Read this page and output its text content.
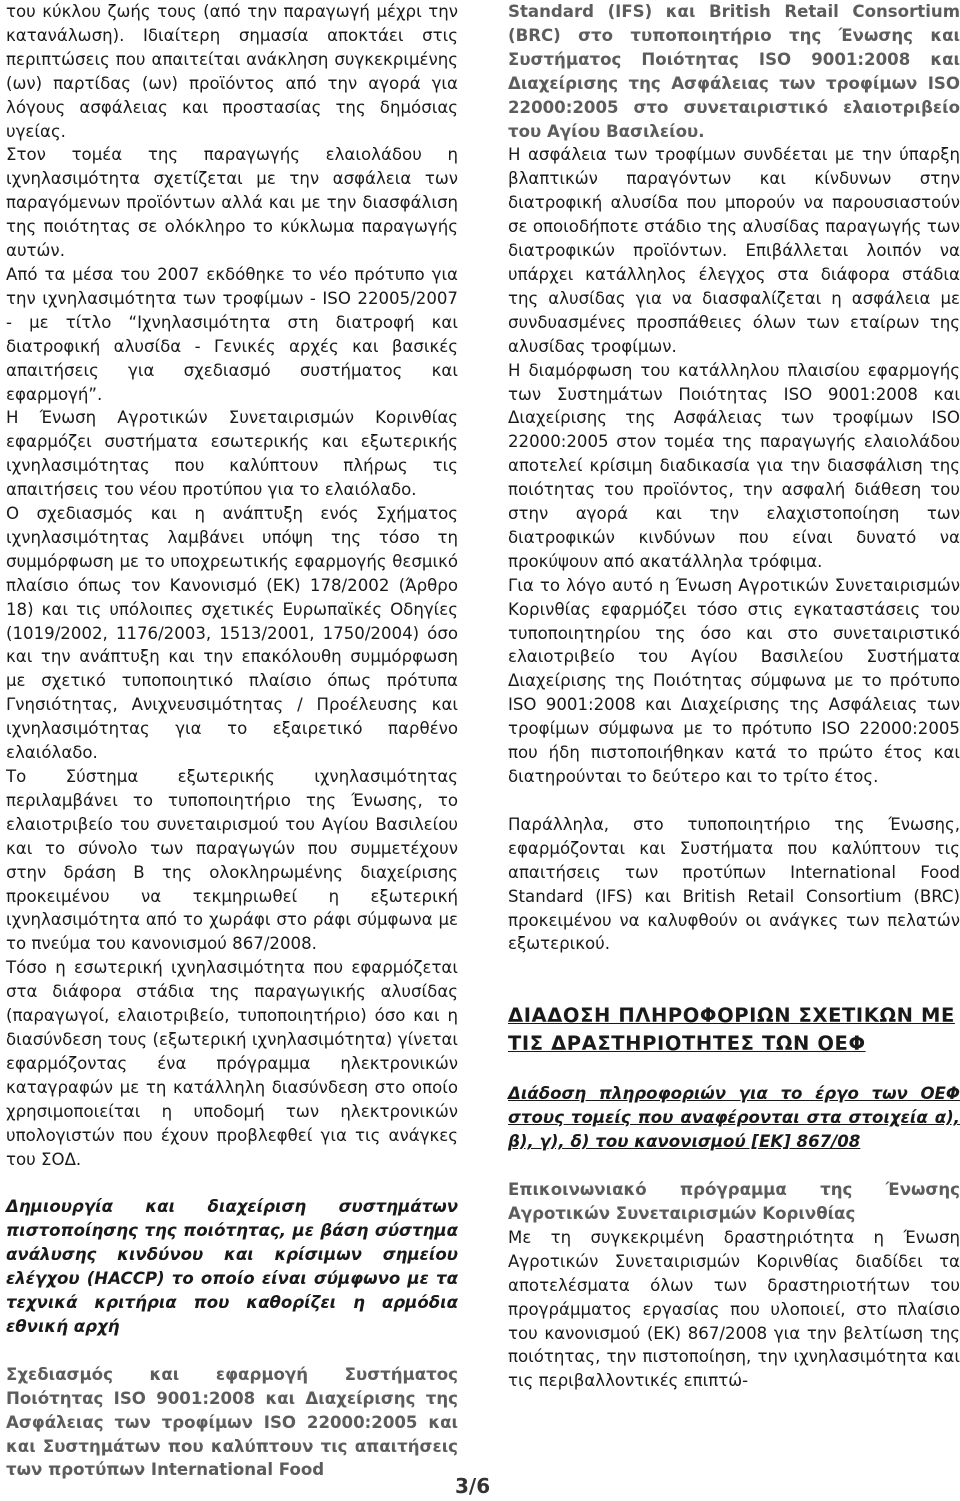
του κύκλου ζωής τους (από την παραγωγή μέχρι την κατανάλωση). Ιδιαίτερη σημασία αποκτάει στις περιπτώσεις που απαιτείται ανάκληση συγκεκριμένης (ων) παρτίδας (ων) προϊόντος από την αγορά για λόγους ασφάλειας και προστασίας της δημόσιας υγείας.

Στον τομέα της παραγωγής ελαιολάδου η ιχνηλασιμότητα σχετίζεται με την ασφάλεια των παραγόμενων προϊόντων αλλά και με την διασφάλιση της ποιότητας σε ολόκληρο το κύκλωμα παραγωγής αυτών.

Από τα μέσα του 2007 εκδόθηκε το νέο πρότυπο για την ιχνηλασιμότητα των τροφίμων - ISO 22005/2007 - με τίτλο “Ιχνηλασιμότητα στη διατροφή και διατροφική αλυσίδα - Γενικές αρχές και βασικές απαιτήσεις για σχεδιασμό συστήματος και εφαρμογή”.

Η Ένωση Αγροτικών Συνεταιρισμών Κορινθίας εφαρμόζει συστήματα εσωτερικής και εξωτερικής ιχνηλασιμότητας που καλύπτουν πλήρως τις απαιτήσεις του νέου προτύπου για το ελαιόλαδο.

Ο σχεδιασμός και η ανάπτυξη ενός Σχήματος ιχνηλασιμότητας λαμβάνει υπόψη της τόσο τη συμμόρφωση με το υποχρεωτικής εφαρμογής θεσμικό πλαίσιο όπως τον Κανονισμό (ΕΚ) 178/2002 (Άρθρο 18) και τις υπόλοιπες σχετικές Ευρωπαϊκές Οδηγίες (1019/2002, 1176/2003, 1513/2001, 1750/2004) όσο και την ανάπτυξη και την επακόλουθη συμμόρφωση με σχετικό τυποποιητικό πλαίσιο όπως πρότυπα Γνησιότητας, Ανιχνευσιμότητας / Προέλευσης και ιχνηλασιμότητας για το εξαιρετικό παρθένο ελαιόλαδο.

Το Σύστημα εξωτερικής ιχνηλασιμότητας περιλαμβάνει το τυποποιητήριο της Ένωσης, το ελαιοτριβείο του συνεταιρισμού του Αγίου Βασιλείου και το σύνολο των παραγωγών που συμμετέχουν στην δράση Β της ολοκληρωμένης διαχείρισης προκειμένου να τεκμηριωθεί η εξωτερική ιχνηλασιμότητα από το χωράφι στο ράφι σύμφωνα με το πνεύμα του κανονισμού 867/2008.

Τόσο η εσωτερική ιχνηλασιμότητα που εφαρμόζεται στα διάφορα στάδια της παραγωγικής αλυσίδας (παραγωγοί, ελαιοτριβείο, τυποποιητήριο) όσο και η διασύνδεση τους (εξωτερική ιχνηλασιμότητα) γίνεται εφαρμόζοντας ένα πρόγραμμα ηλεκτρονικών καταγραφών με τη κατάλληλη διασύνδεση στο οποίο χρησιμοποιείται η υποδομή των ηλεκτρονικών υπολογιστών που έχουν προβλεφθεί για τις ανάγκες του ΣΟΔ.

Δημιουργία και διαχείριση συστημάτων πιστοποίησης της ποιότητας, με βάση σύστημα ανάλυσης κινδύνου και κρίσιμων σημείου ελέγχου (HACCP) το οποίο είναι σύμφωνο με τα τεχνικά κριτήρια που καθορίζει η αρμόδια εθνική αρχή

Σχεδιασμός και εφαρμογή Συστήματος Ποιότητας ISO 9001:2008 και Διαχείρισης της Ασφάλειας των τροφίμων ISO 22000:2005 και και Συστημάτων που καλύπτουν τις απαιτήσεις των προτύπων International Food

Standard (IFS) και British Retail Consortium (BRC) στο τυποποιητήριο της Ένωσης και Συστήματος Ποιότητας ISO 9001:2008 και Διαχείρισης της Ασφάλειας των τροφίμων ISO 22000:2005 στο συνεταιριστικό ελαιοτριβείο του Αγίου Βασιλείου.

Η ασφάλεια των τροφίμων συνδέεται με την ύπαρξη βλαπτικών παραγόντων και κίνδυνων στην διατροφική αλυσίδα που μπορούν να παρουσιαστούν σε οποιοδήποτε στάδιο της αλυσίδας παραγωγής των διατροφικών προϊόντων. Επιβάλλεται λοιπόν να υπάρχει κατάλληλος έλεγχος στα διάφορα στάδια της αλυσίδας για να διασφαλίζεται η ασφάλεια με συνδυασμένες προσπάθειες όλων των εταίρων της αλυσίδας τροφίμων.

Η διαμόρφωση του κατάλληλου πλαισίου εφαρμογής των Συστημάτων Ποιότητας ISO 9001:2008 και Διαχείρισης της Ασφάλειας των τροφίμων ISO 22000:2005 στον τομέα της παραγωγής ελαιολάδου αποτελεί κρίσιμη διαδικασία για την διασφάλιση της ποιότητας του προϊόντος, την ασφαλή διάθεση του στην αγορά και την ελαχιστοποίηση των διατροφικών κινδύνων που είναι δυνατό να προκύψουν από ακατάλληλα τρόφιμα.

Για το λόγο αυτό η Ένωση Αγροτικών Συνεταιρισμών Κορινθίας εφαρμόζει τόσο στις εγκαταστάσεις του τυποποιητηρίου της όσο και στο συνεταιριστικό ελαιοτριβείο του Αγίου Βασιλείου Συστήματα Διαχείρισης της Ποιότητας σύμφωνα με το πρότυπο ISO 9001:2008 και Διαχείρισης της Ασφάλειας των τροφίμων σύμφωνα με το πρότυπο ISO 22000:2005 που ήδη πιστοποιήθηκαν κατά το πρώτο έτος και διατηρούνται το δεύτερο και το τρίτο έτος.

Παράλληλα, στο τυποποιητήριο της Ένωσης, εφαρμόζονται και Συστήματα που καλύπτουν τις απαιτήσεις των προτύπων International Food Standard (IFS) και British Retail Consortium (BRC) προκειμένου να καλυφθούν οι ανάγκες των πελατών εξωτερικού.

ΔΙΑΔΟΣΗ ΠΛΗΡΟΦΟΡΙΩΝ ΣΧΕΤΙΚΩΝ ΜΕ ΤΙΣ ΔΡΑΣΤΗΡΙΟΤΗΤΕΣ ΤΩΝ ΟΕΦ

Διάδοση πληροφοριών για το έργο των ΟΕΦ στους τομείς που αναφέρονται στα στοιχεία α), β), γ), δ) του κανονισμού [ΕΚ] 867/08

Επικοινωνιακό πρόγραμμα της Ένωσης Αγροτικών Συνεταιρισμών Κορινθίας

Με τη συγκεκριμένη δραστηριότητα η Ένωση Αγροτικών Συνεταιρισμών Κορινθίας διαδίδει τα αποτελέσματα όλων των δραστηριοτήτων του προγράμματος εργασίας που υλοποιεί, στο πλαίσιο του κανονισμού (ΕΚ) 867/2008 για την βελτίωση της ποιότητας, την πιστοποίηση, την ιχνηλασιμότητα και τις περιβαλλοντικές επιπτώ-

3/6
